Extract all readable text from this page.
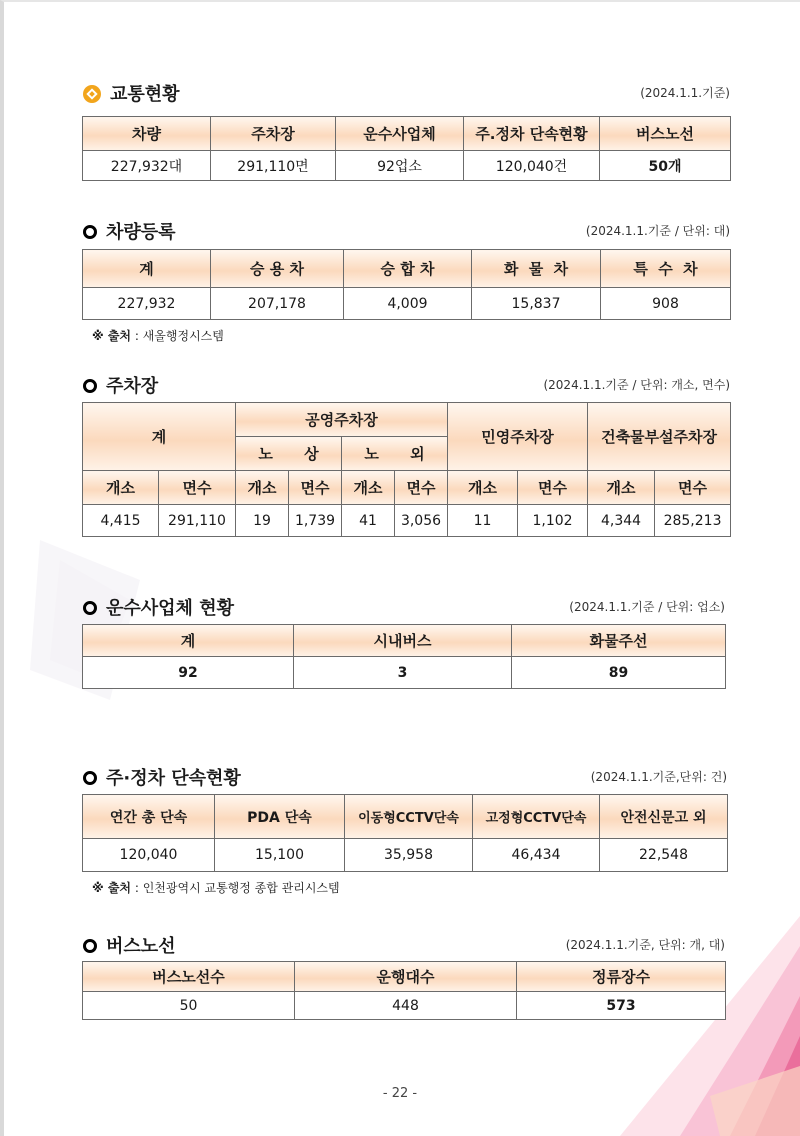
교통현황	(2024.1.1.기준)
차량	주차장	운수사업체	주.정차 단속현황	버스노선
227,932대	291,110면	92업소	120,040건	50개
차량등록	(2024.1.1.기준 / 단위: 대)
계	승 용 차	승 합 차	화  물  차	특  수  차
227,932	207,178	4,009	15,837	908
※ 출처 : 새올행정시스템
주차장	(2024.1.1.기준 / 단위: 개소, 면수)
계		공영주차장				민영주차장		건축물부설주차장	
		노      상		노      외					
개소	면수	개소	면수	개소	면수	개소	면수	개소	면수
4,415	291,110	19	1,739	41	3,056	11	1,102	4,344	285,213
운수사업체 현황	(2024.1.1.기준 / 단위: 업소)
계	시내버스	화물주선
92	3	89
주·정차 단속현황	(2024.1.1.기준,단위: 건)
연간 총 단속	PDA 단속	이동형CCTV단속	고정형CCTV단속	안전신문고 외
120,040	15,100	35,958	46,434	22,548
※ 출처 : 인천광역시 교통행정 종합 관리시스템
버스노선	(2024.1.1.기준, 단위: 개, 대)
버스노선수	운행대수	정류장수
50	448	573
- 22 -
